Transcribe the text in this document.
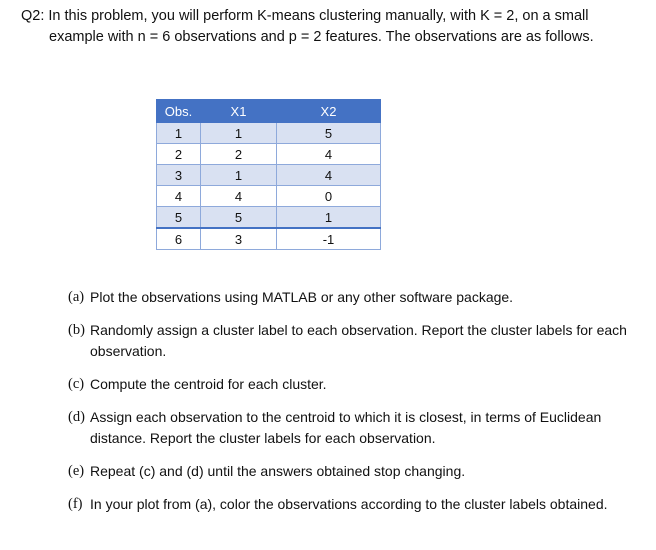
Q2: In this problem, you will perform K-means clustering manually, with K = 2, on a small
example with n = 6 observations and p = 2 features. The observations are as follows.
Obs.	X1	X2
1	1	5
2	2	4
3	1	4
4	4	0
5	5	1
6	3	-1
(a) Plot the observations using MATLAB or any other software package.
(b) Randomly assign a cluster label to each observation. Report the cluster labels for each observation.
(c) Compute the centroid for each cluster.
(d) Assign each observation to the centroid to which it is closest, in terms of Euclidean distance. Report the cluster labels for each observation.
(e) Repeat (c) and (d) until the answers obtained stop changing.
(f) In your plot from (a), color the observations according to the cluster labels obtained.
